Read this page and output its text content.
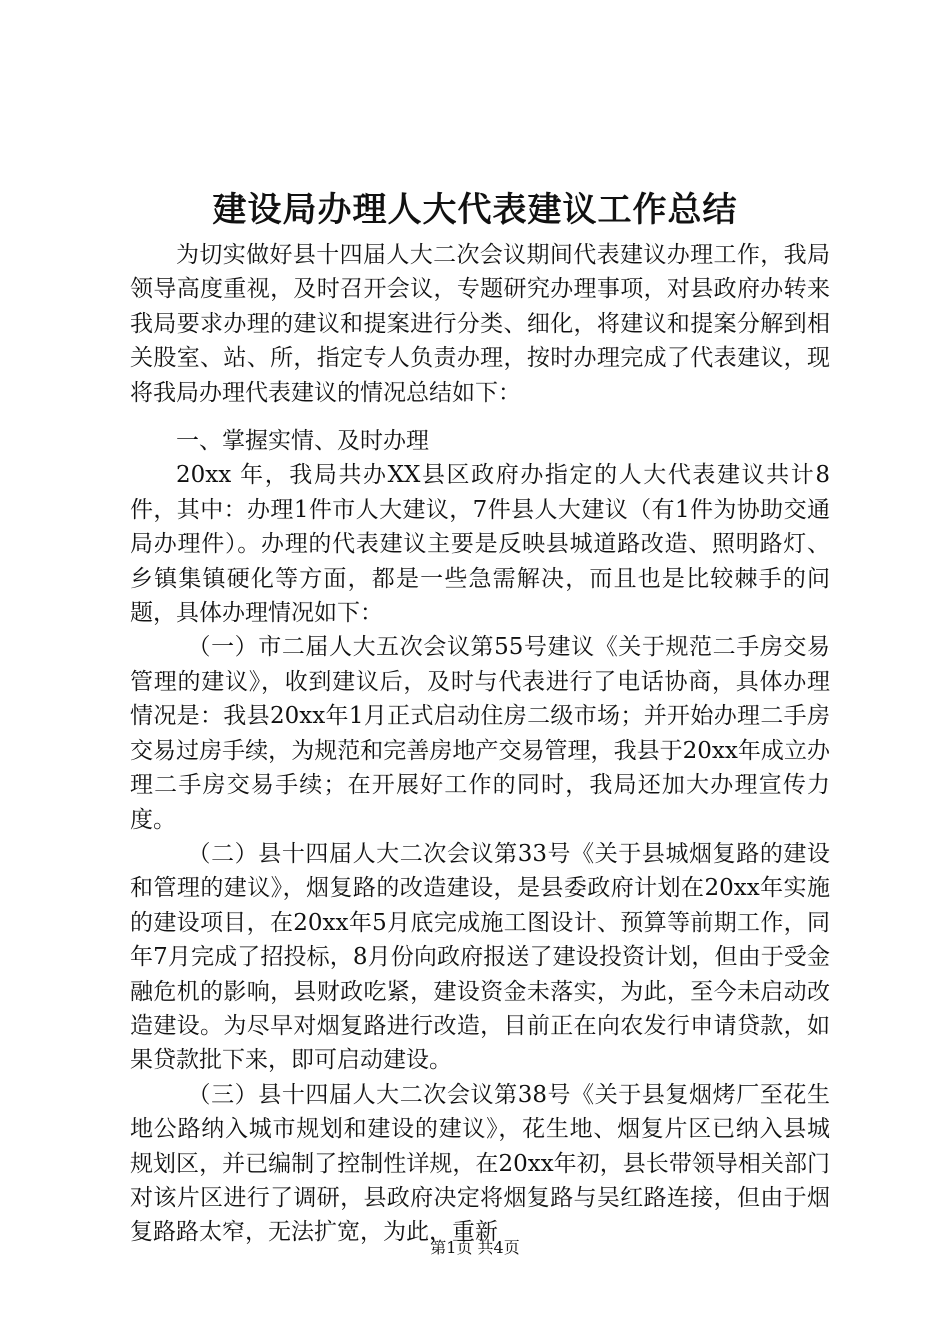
建设局办理人大代表建议工作总结

为切实做好县十四届人大二次会议期间代表建议办理工作，我局领导高度重视，及时召开会议，专题研究办理事项，对县政府办转来我局要求办理的建议和提案进行分类、细化，将建议和提案分解到相关股室、站、所，指定专人负责办理，按时办理完成了代表建议，现将我局办理代表建议的情况总结如下：

一、掌握实情、及时办理

20xx 年，我局共办XX县区政府办指定的人大代表建议共计8件，其中：办理1件市人大建议，7件县人大建议（有1件为协助交通局办理件）。办理的代表建议主要是反映县城道路改造、照明路灯、乡镇集镇硬化等方面，都是一些急需解决，而且也是比较棘手的问题，具体办理情况如下：

（一）市二届人大五次会议第55号建议《关于规范二手房交易管理的建议》，收到建议后，及时与代表进行了电话协商，具体办理情况是：我县20xx年1月正式启动住房二级市场；并开始办理二手房交易过房手续，为规范和完善房地产交易管理，我县于20xx年成立办理二手房交易手续；在开展好工作的同时，我局还加大办理宣传力度。

（二）县十四届人大二次会议第33号《关于县城烟复路的建设和管理的建议》，烟复路的改造建设，是县委政府计划在20xx年实施的建设项目，在20xx年5月底完成施工图设计、预算等前期工作，同年7月完成了招投标，8月份向政府报送了建设投资计划，但由于受金融危机的影响，县财政吃紧，建设资金未落实，为此，至今未启动改造建设。为尽早对烟复路进行改造，目前正在向农发行申请贷款，如果贷款批下来，即可启动建设。

（三）县十四届人大二次会议第38号《关于县复烟烤厂至花生地公路纳入城市规划和建设的建议》，花生地、烟复片区已纳入县城规划区，并已编制了控制性详规，在20xx年初，县长带领导相关部门对该片区进行了调研，县政府决定将烟复路与吴红路连接，但由于烟复路路太窄，无法扩宽，为此，重新

第1页 共4页
